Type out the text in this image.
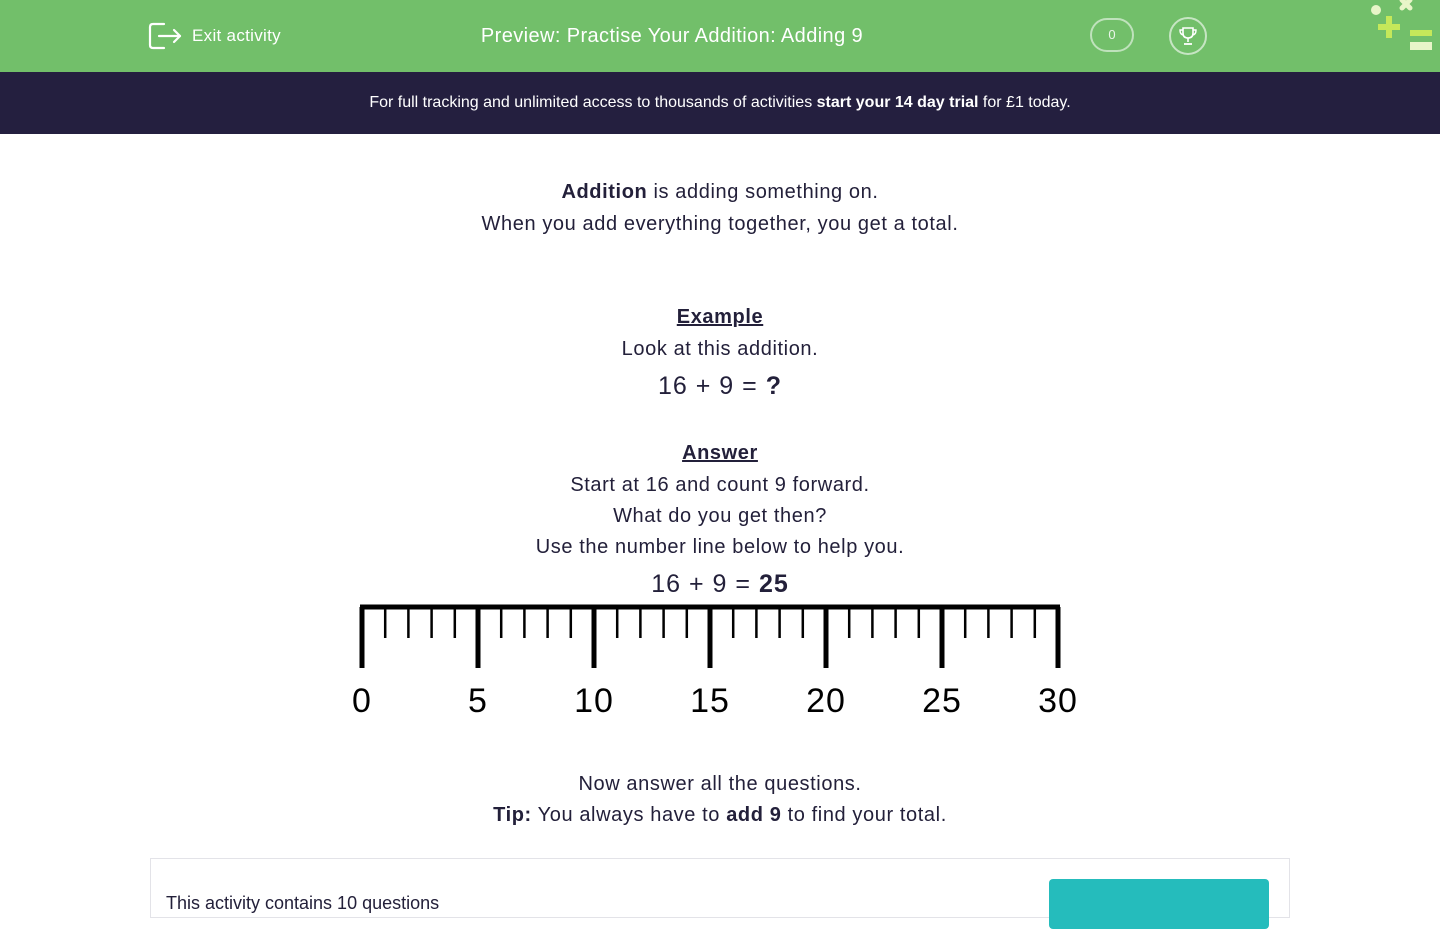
Exit activity	Preview: Practise Your Addition: Adding 9	0
For full tracking and unlimited access to thousands of activities start your 14 day trial for £1 today.
Addition is adding something on.
When you add everything together, you get a total.
Example
Look at this addition.
16 + 9 = ?
Answer
Start at 16 and count 9 forward.
What do you get then?
Use the number line below to help you.
16 + 9 = 25
Now answer all the questions.
Tip: You always have to add 9 to find your total.
0	5	10 15 20 25 30
This activity contains 10 questions
